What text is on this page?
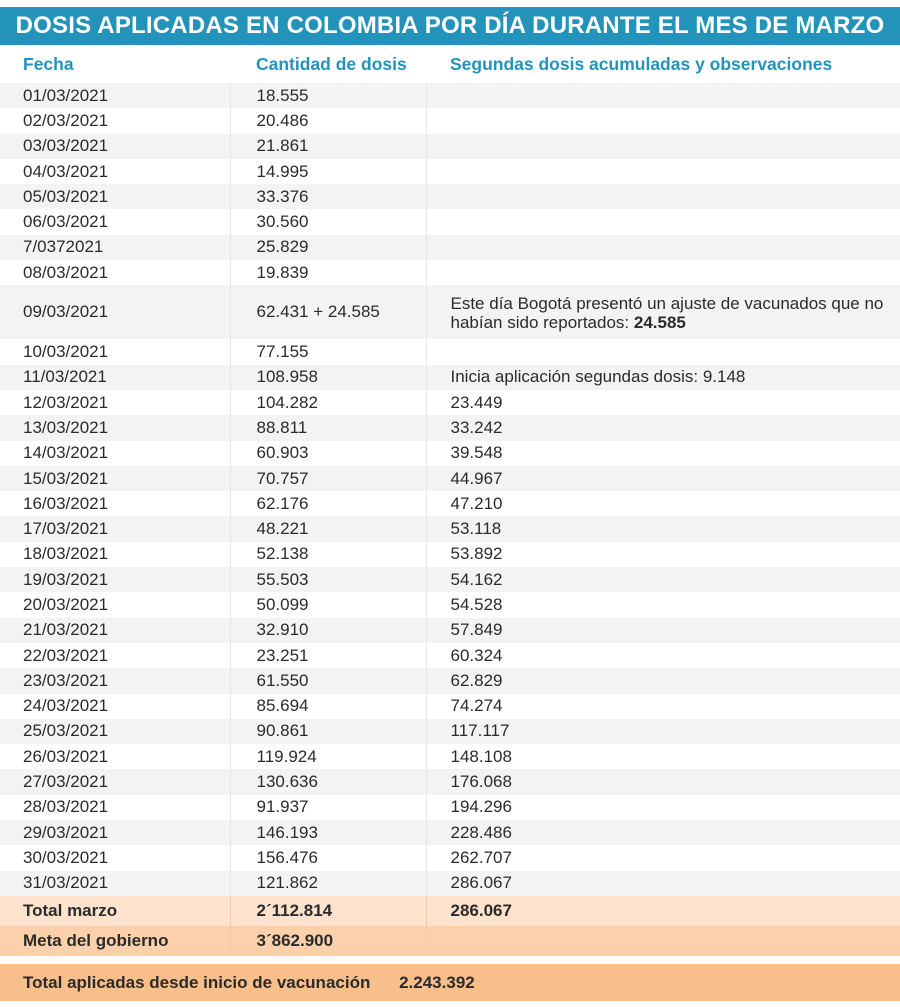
DOSIS APLICADAS EN COLOMBIA POR DÍA DURANTE EL MES DE MARZO
Fecha	Cantidad de dosis	Segundas dosis acumuladas y observaciones
01/03/2021	18.555	
02/03/2021	20.486	
03/03/2021	21.861	
04/03/2021	14.995	
05/03/2021	33.376	
06/03/2021	30.560	
7/0372021	25.829	
08/03/2021	19.839	
09/03/2021	62.431 + 24.585	Este día Bogotá presentó un ajuste de vacunados que no habían sido reportados: 24.585
10/03/2021	77.155	
11/03/2021	108.958	Inicia aplicación segundas dosis: 9.148
12/03/2021	104.282	23.449
13/03/2021	88.811	33.242
14/03/2021	60.903	39.548
15/03/2021	70.757	44.967
16/03/2021	62.176	47.210
17/03/2021	48.221	53.118
18/03/2021	52.138	53.892
19/03/2021	55.503	54.162
20/03/2021	50.099	54.528
21/03/2021	32.910	57.849
22/03/2021	23.251	60.324
23/03/2021	61.550	62.829
24/03/2021	85.694	74.274
25/03/2021	90.861	117.117
26/03/2021	119.924	148.108
27/03/2021	130.636	176.068
28/03/2021	91.937	194.296
29/03/2021	146.193	228.486
30/03/2021	156.476	262.707
31/03/2021	121.862	286.067
Total marzo	2´112.814	286.067
Meta del gobierno	3´862.900	
Total aplicadas desde inicio de vacunación 2.243.392
